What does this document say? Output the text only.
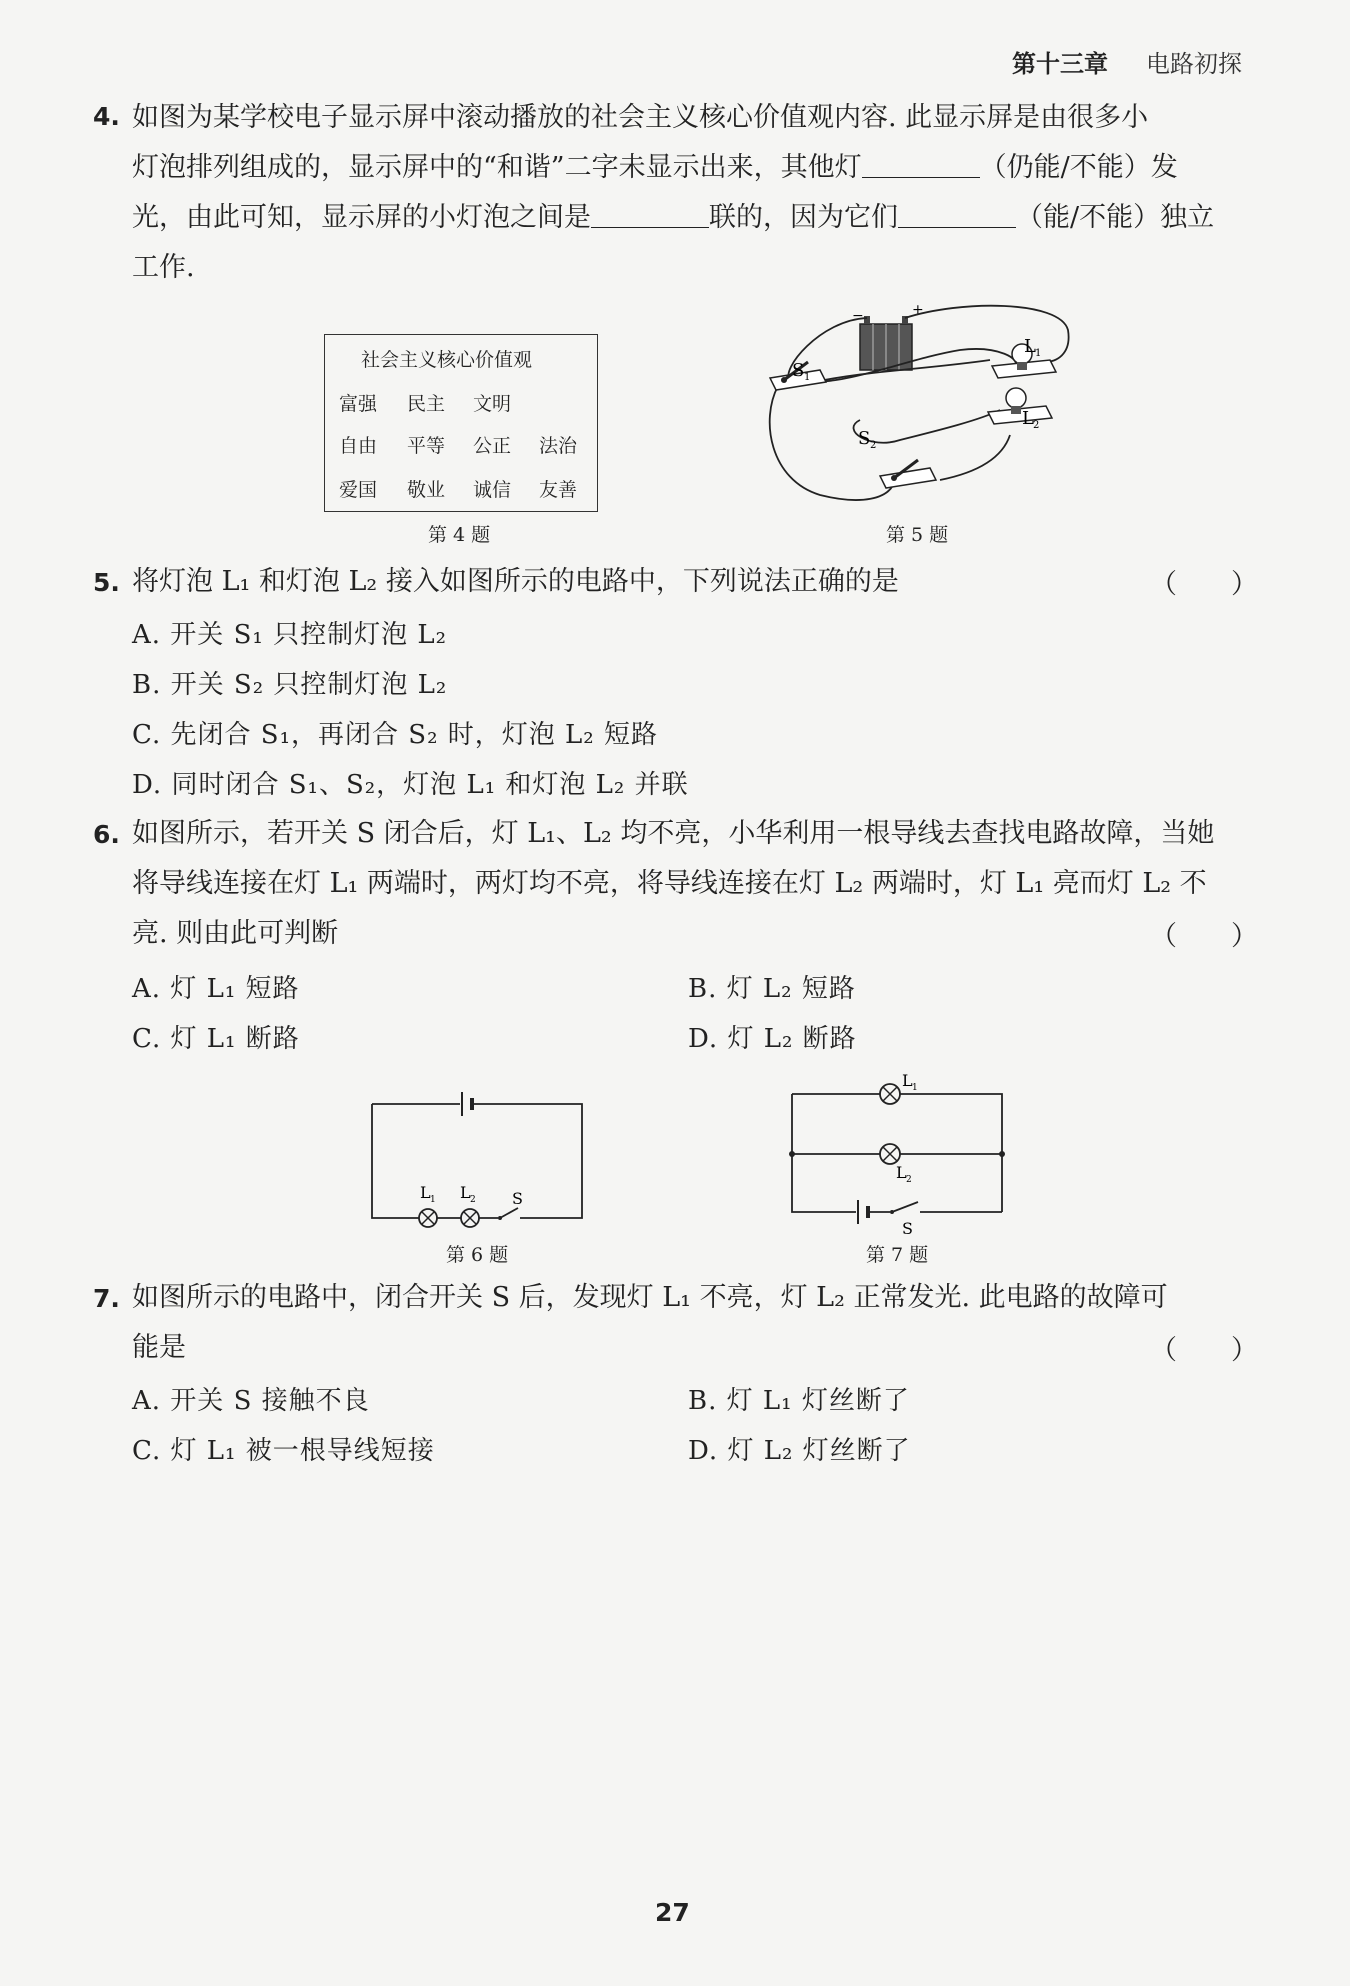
第十三章 电路初探
4. 如图为某学校电子显示屏中滚动播放的社会主义核心价值观内容. 此显示屏是由很多小
灯泡排列组成的，显示屏中的“和谐”二字未显示出来，其他灯	（仍能/不能）发
光，由此可知，显示屏的小灯泡之间是	联的，因为它们	（能/不能）独立
工作.
社会主义核心价值观
富强 民主 文明
自由 平等 公正 法治
爱国 敬业 诚信 友善
第 4 题
−	+
S 1
S 2
L 1
L 2
第 5 题
5. 将灯泡 L₁ 和灯泡 L₂ 接入如图所示的电路中，下列说法正确的是	（　　）
A. 开关 S₁ 只控制灯泡 L₂
B. 开关 S₂ 只控制灯泡 L₂
C. 先闭合 S₁，再闭合 S₂ 时，灯泡 L₂ 短路
D. 同时闭合 S₁、S₂，灯泡 L₁ 和灯泡 L₂ 并联
6. 如图所示，若开关 S 闭合后，灯 L₁、L₂ 均不亮，小华利用一根导线去查找电路故障，当她
将导线连接在灯 L₁ 两端时，两灯均不亮，将导线连接在灯 L₂ 两端时，灯 L₁ 亮而灯 L₂ 不
亮. 则由此可判断	（　　）
A. 灯 L₁ 短路	B. 灯 L₂ 短路
C. 灯 L₁ 断路	D. 灯 L₂ 断路
L 1 L 2 S
第 6 题
L 1
L 2
S
第 7 题
7. 如图所示的电路中，闭合开关 S 后，发现灯 L₁ 不亮，灯 L₂ 正常发光. 此电路的故障可
能是	（　　）
A. 开关 S 接触不良	B. 灯 L₁ 灯丝断了
C. 灯 L₁ 被一根导线短接	D. 灯 L₂ 灯丝断了
27
